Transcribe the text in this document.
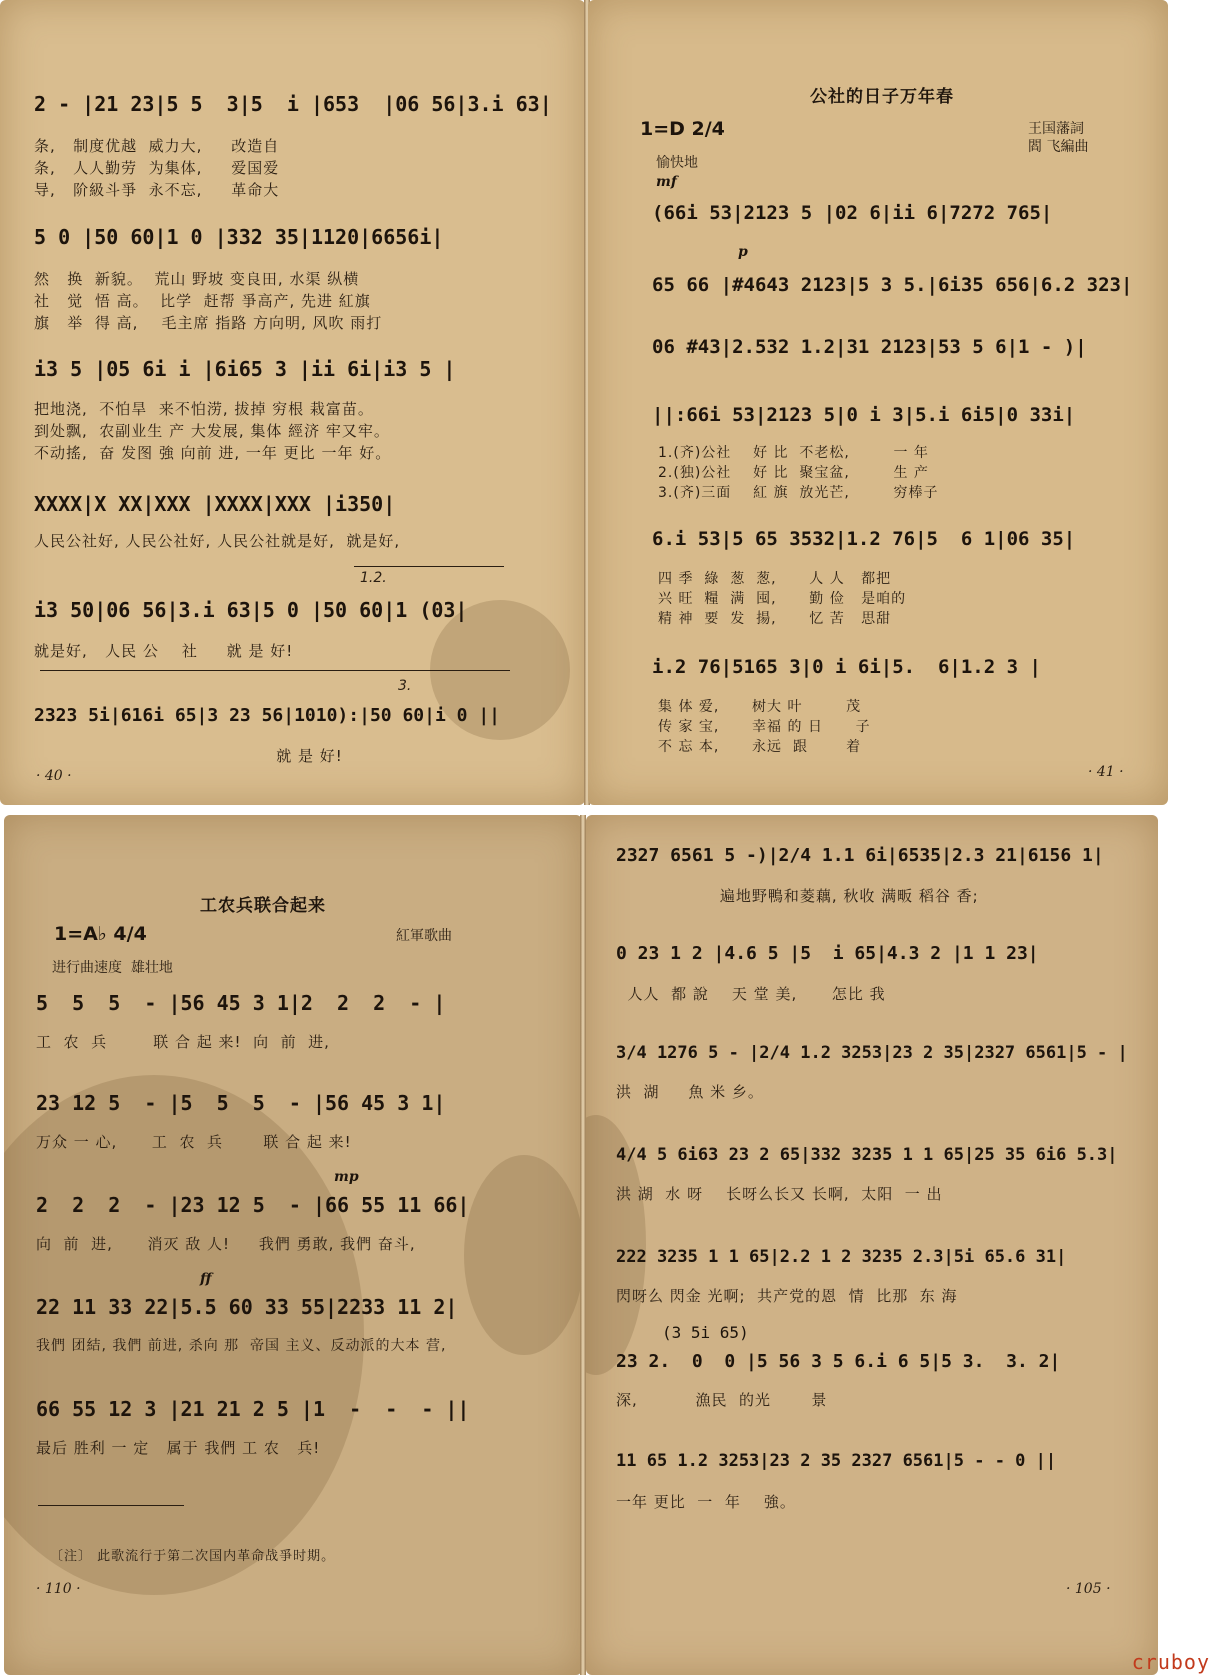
2 - |21 23|5 5  3|5  i |653  |06 56|3.i 63|
条,   制度优越  威力大,     改造自
条,   人人勤劳  为集体,     爱国爱
导,   阶級斗爭  永不忘,     革命大
5 0 |50 60|1 0 |332 35|1120|6656i|
然   换  新貌。  荒山 野坡 变良田, 水渠 纵横
社   觉  悟 高。  比学  赶帮 爭高产, 先进 紅旗
旗   举  得 高,    毛主席 指路 方向明, 风吹 雨打
i3 5 |05 6i i |6i65 3 |ii 6i|i3 5 |
把地浇,  不怕旱  来不怕涝, 拔掉 穷根 栽富苗。
到处飘,  农副业生 产 大发展, 集体 經济 牢又牢。
不动搖,  奋 发图 強 向前 进, 一年 更比 一年 好。
XXXX|X XX|XXX |XXXX|XXX |i350|
人民公社好, 人民公社好, 人民公社就是好,  就是好,
1.2.
i3 50|06 56|3.i 63|5 0 |50 60|1 (03|
就是好,   人民 公    社     就 是 好!
3.
2323 5i|616i 65|3 23 56|1010):|50 60|i 0 ||
就 是 好!
· 40 ·
公社的日子万年春
1=D 2/4	王国藩詞
閻 飞編曲
愉快地
mf
p
(66i 53|2123 5 |02 6|ii 6|7272 765|
65 66 |#4643 2123|5 3 5.|6i35 656|6.2 323|
06 #43|2.532 1.2|31 2123|53 5 6|1 - )|
||:66i 53|2123 5|0 i 3|5.i 6i5|0 33i|
1.(齐)公社    好 比  不老松,        一 年
2.(独)公社    好 比  聚宝盆,        生 产
3.(齐)三面    紅 旗  放光芒,        穷棒子
6.i 53|5 65 3532|1.2 76|5  6 1|06 35|
四 季  綠  葱  葱,      人 人   都把
兴 旺  糧  满  囤,      勤 俭   是咱的
精 神  要  发  揚,      忆 苦   思甜
i.2 76|5165 3|0 i 6i|5.  6|1.2 3 |
集 体 爱,      树大 叶        茂
传 家 宝,      幸福 的 日      子
不 忘 本,      永远  跟       着
· 41 ·
工农兵联合起来
1=A♭ 4/4	紅軍歌曲
进行曲速度  雄壮地
5  5  5  - |56 45 3 1|2  2  2  - |
工  农  兵        联 合 起 来!  向  前  进,
23 12 5  - |5  5  5  - |56 45 3 1|
万众 一 心,      工  农  兵       联 合 起 来!
mp
2  2  2  - |23 12 5  - |66 55 11 66|
向  前  进,      消灭 敌 人!     我們 勇敢, 我們 奋斗,
ff
22 11 33 22|5.5 60 33 55|2233 11 2|
我們 团結, 我們 前进, 杀向 那  帝国 主义、反动派的大本 营,
66 55 12 3 |21 21 2 5 |1  -  -  - ||
最后 胜利 一 定   属于 我們 工 农   兵!
〔注〕 此歌流行于第二次国内革命战爭时期。
· 110 ·
2327 6561 5 -)|2/4 1.1 6i|6535|2.3 21|6156 1|
遍地野鴨和菱藕, 秋收 满畈 稻谷 香;
0 23 1 2 |4.6 5 |5  i 65|4.3 2 |1 1 23|
人人  都 說    天 堂 美,      怎比 我
3/4 1276 5 - |2/4 1.2 3253|23 2 35|2327 6561|5 - |
洪  湖     魚 米 乡。
4/4 5 6i63 23 2 65|332 3235 1 1 65|25 35 6i6 5.3|
洪 湖  水 呀    长呀么长又 长啊,  太阳  一 出
222 3235 1 1 65|2.2 1 2 3235 2.3|5i 65.6 31|
閃呀么 閃金 光啊;  共产党的恩  情  比那  东 海
(3 5i 65)
23 2.  0  0 |5 56 3 5 6.i 6 5|5 3.  3. 2|
深,          漁民  的光       景
11 65 1.2 3253|23 2 35 2327 6561|5 - - 0 ||
一年 更比  一  年    強。
· 105 ·
cruboy
